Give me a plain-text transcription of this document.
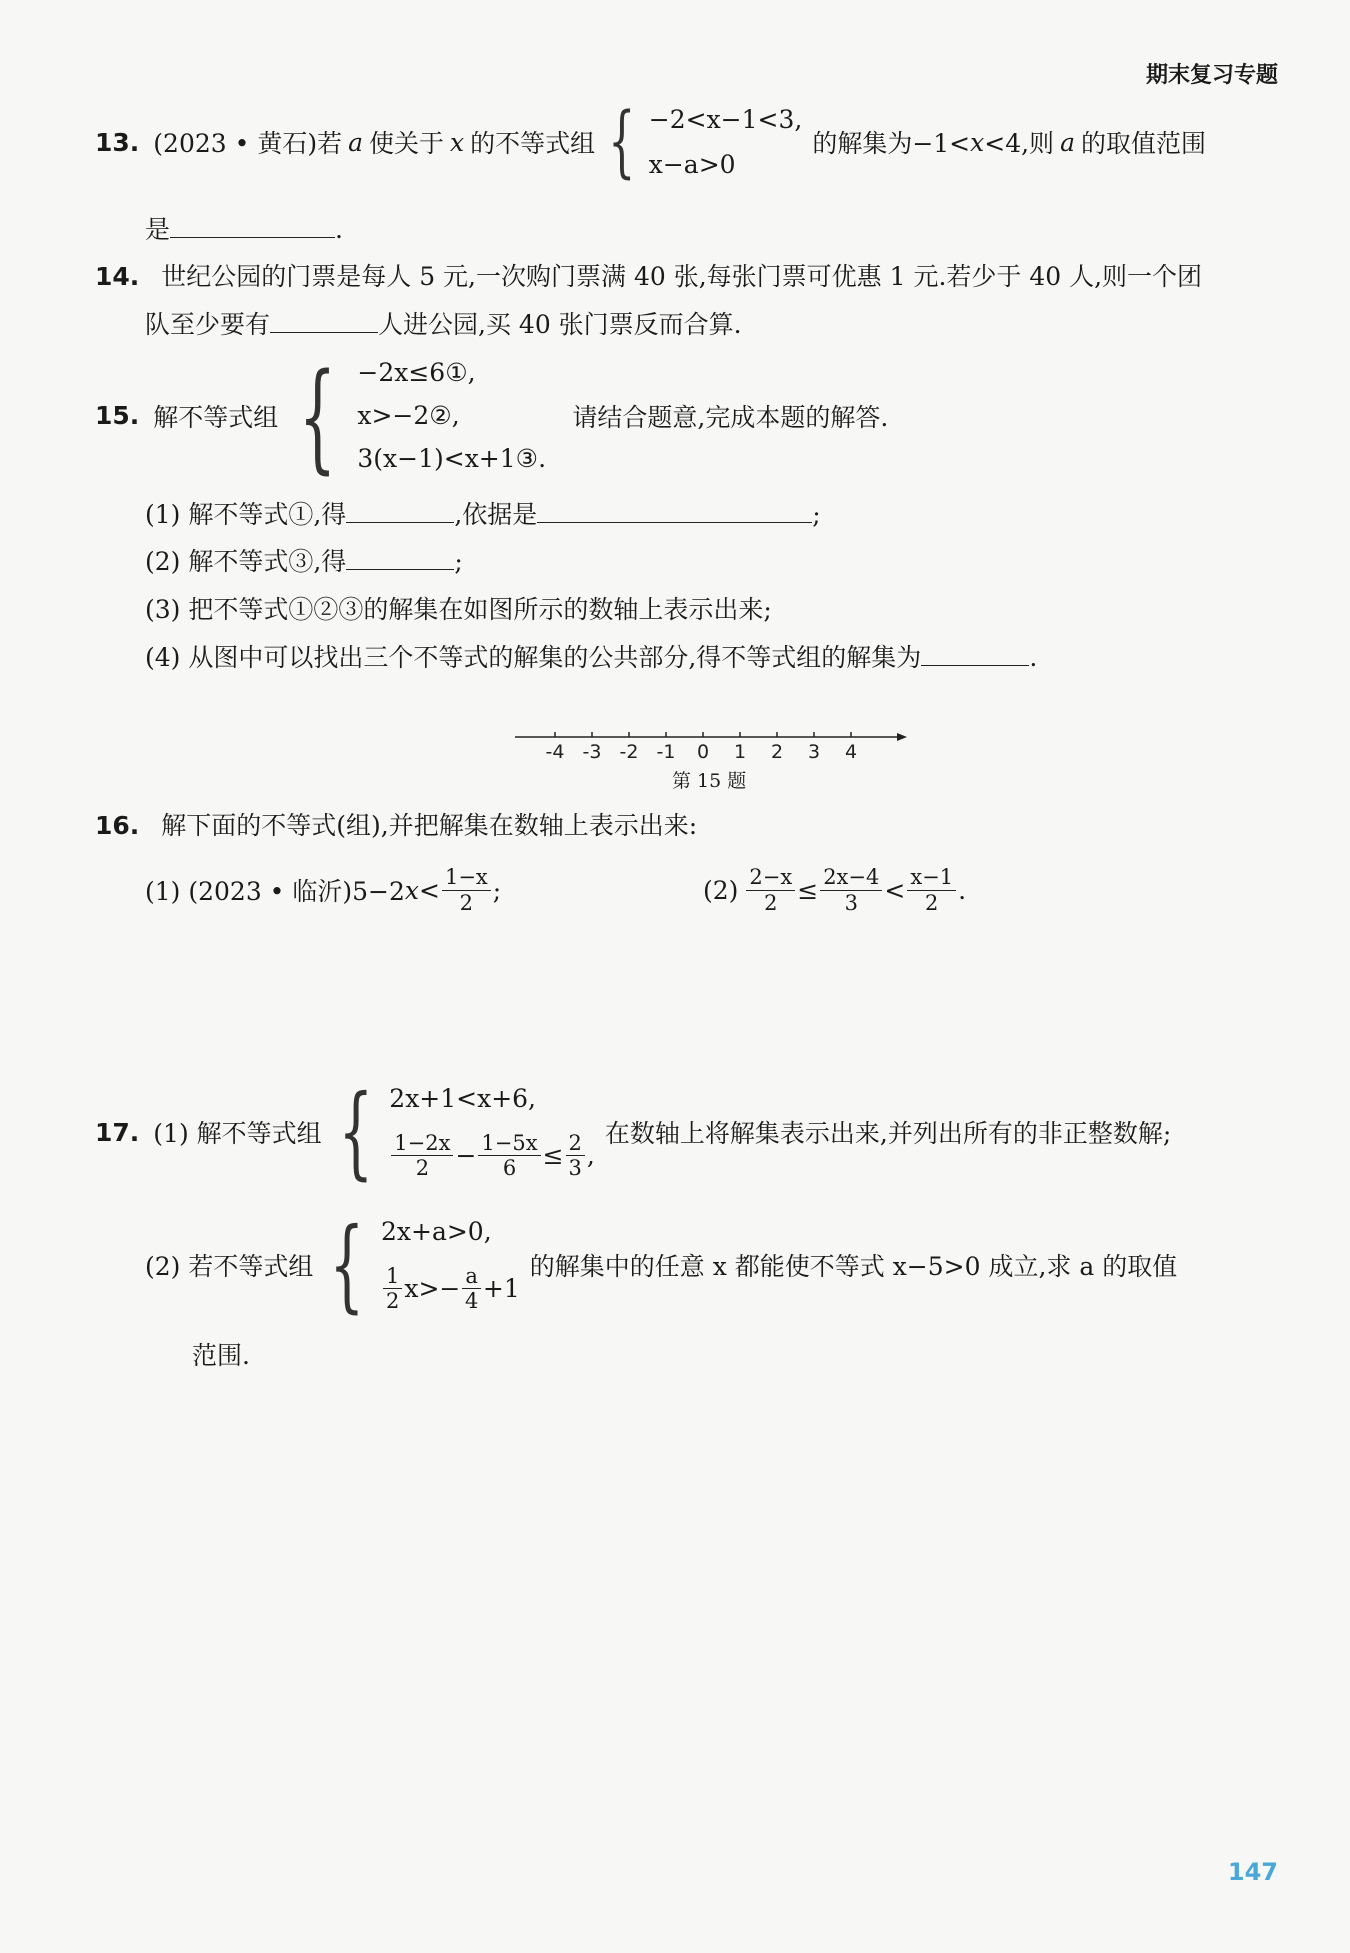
期末复习专题
13. (2023 • 黄石)若 a 使关于 x 的不等式组 { −2<x−1<3,
x−a>0
的解集为−1< x <4,则 a 的取值范围
是	.
14. 世纪公园的门票是每人 5 元,一次购门票满 40 张,每张门票可优惠 1 元.若少于 40 人,则一个团
队至少要有	人进公园,买 40 张门票反而合算.
15. 解不等式组 { −2x≤6①,
x>−2②,
3(x−1)<x+1③.
请结合题意,完成本题的解答.
(1) 解不等式①,得	,依据是	;
(2) 解不等式③,得	;
(3) 把不等式①②③的解集在如图所示的数轴上表示出来;
(4) 从图中可以找出三个不等式的解集的公共部分,得不等式组的解集为	.
-4 -3 -2 -1 0 1 2 3 4
第 15 题
16. 解下面的不等式(组),并把解集在数轴上表示出来:
(1) (2023 • 临沂)5−2 $x < \frac{1-x}{2}$ ;	$(2) \frac{2-x}{2} \le \frac{2x-4}{3} < \frac{x-1}{2}$ .
17. (1) 解不等式组 { 2x+1<x+6,
$\frac{1-2x}{2} - \frac{1-5x}{6} \le \frac{2}{3}$ ,
在数轴上将解集表示出来,并列出所有的非正整数解;
(2) 若不等式组 { 2x+a>0,
$\frac{1}{2} x>- \frac{a}{4} +1$
的解集中的任意 x 都能使不等式 x−5>0 成立,求 a 的取值
范围.
147
